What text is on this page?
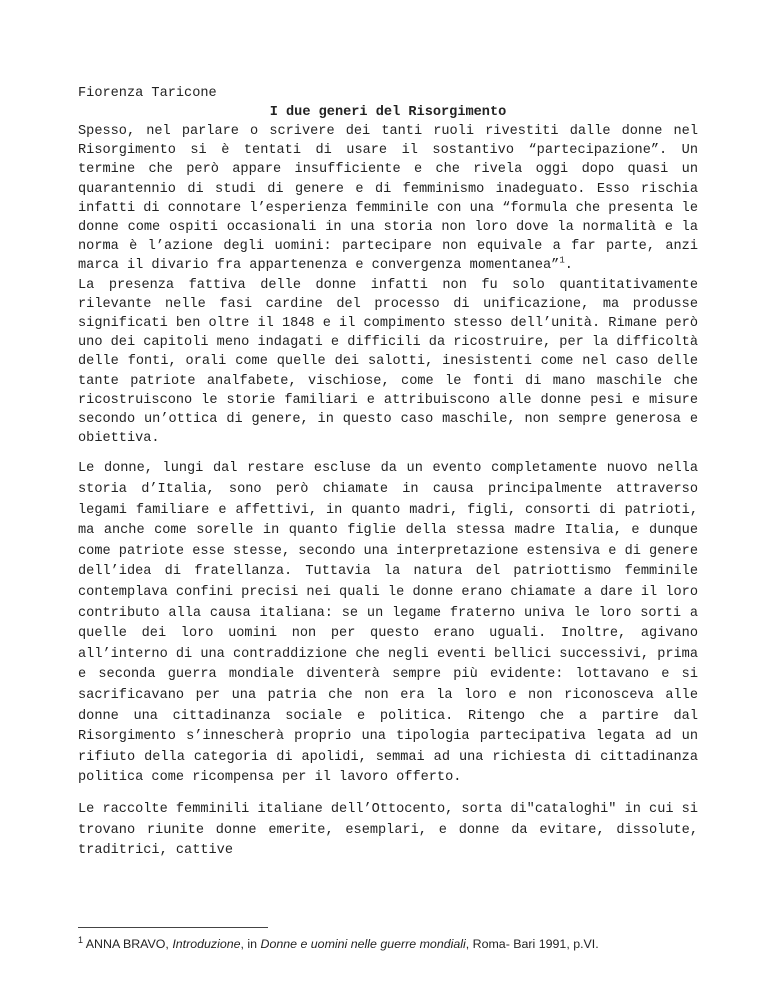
Fiorenza Taricone

I due generi del Risorgimento

Spesso, nel parlare o scrivere dei tanti ruoli rivestiti dalle donne nel Risorgimento si è tentati di usare il sostantivo “partecipazione”. Un termine che però appare insufficiente e che rivela oggi dopo quasi un quarantennio di studi di genere e di femminismo inadeguato. Esso rischia infatti di connotare l’esperienza femminile con una “formula che presenta le donne come ospiti occasionali in una storia non loro dove la normalità e la norma è l’azione degli uomini: partecipare non equivale a far parte, anzi marca il divario fra appartenenza e convergenza momentanea”$^1$.

La presenza fattiva delle donne infatti non fu solo quantitativamente rilevante nelle fasi cardine del processo di unificazione, ma produsse significati ben oltre il 1848 e il compimento stesso dell’unità. Rimane però uno dei capitoli meno indagati e difficili da ricostruire, per la difficoltà delle fonti, orali come quelle dei salotti, inesistenti come nel caso delle tante patriote analfabete, vischiose, come le fonti di mano maschile che ricostruiscono le storie familiari e attribuiscono alle donne pesi e misure secondo un’ottica di genere, in questo caso maschile, non sempre generosa e obiettiva.

Le donne, lungi dal restare escluse da un evento completamente nuovo nella storia d’Italia, sono però chiamate in causa principalmente attraverso legami familiare e affettivi, in quanto madri, figli, consorti di patrioti, ma anche come sorelle in quanto figlie della stessa madre Italia, e dunque come patriote esse stesse, secondo una interpretazione estensiva e di genere dell’idea di fratellanza. Tuttavia la natura del patriottismo femminile contemplava confini precisi nei quali le donne erano chiamate a dare il loro contributo alla causa italiana: se un legame fraterno univa le loro sorti a quelle dei loro uomini non per questo erano uguali. Inoltre, agivano all’interno di una contraddizione che negli eventi bellici successivi, prima e seconda guerra mondiale diventerà sempre più evidente: lottavano e si sacrificavano per una patria che non era la loro e non riconosceva alle donne una cittadinanza sociale e politica. Ritengo che a partire dal Risorgimento s’innescherà proprio una tipologia partecipativa legata ad un rifiuto della categoria di apolidi, semmai ad una richiesta di cittadinanza politica come ricompensa per il lavoro offerto.

Le raccolte femminili italiane dell’Ottocento, sorta di"cataloghi" in cui si trovano riunite donne emerite, esemplari, e donne da evitare, dissolute, traditrici, cattive

$^1$ ANNA BRAVO, Introduzione, in Donne e uomini nelle guerre mondiali, Roma- Bari 1991, p.VI.
